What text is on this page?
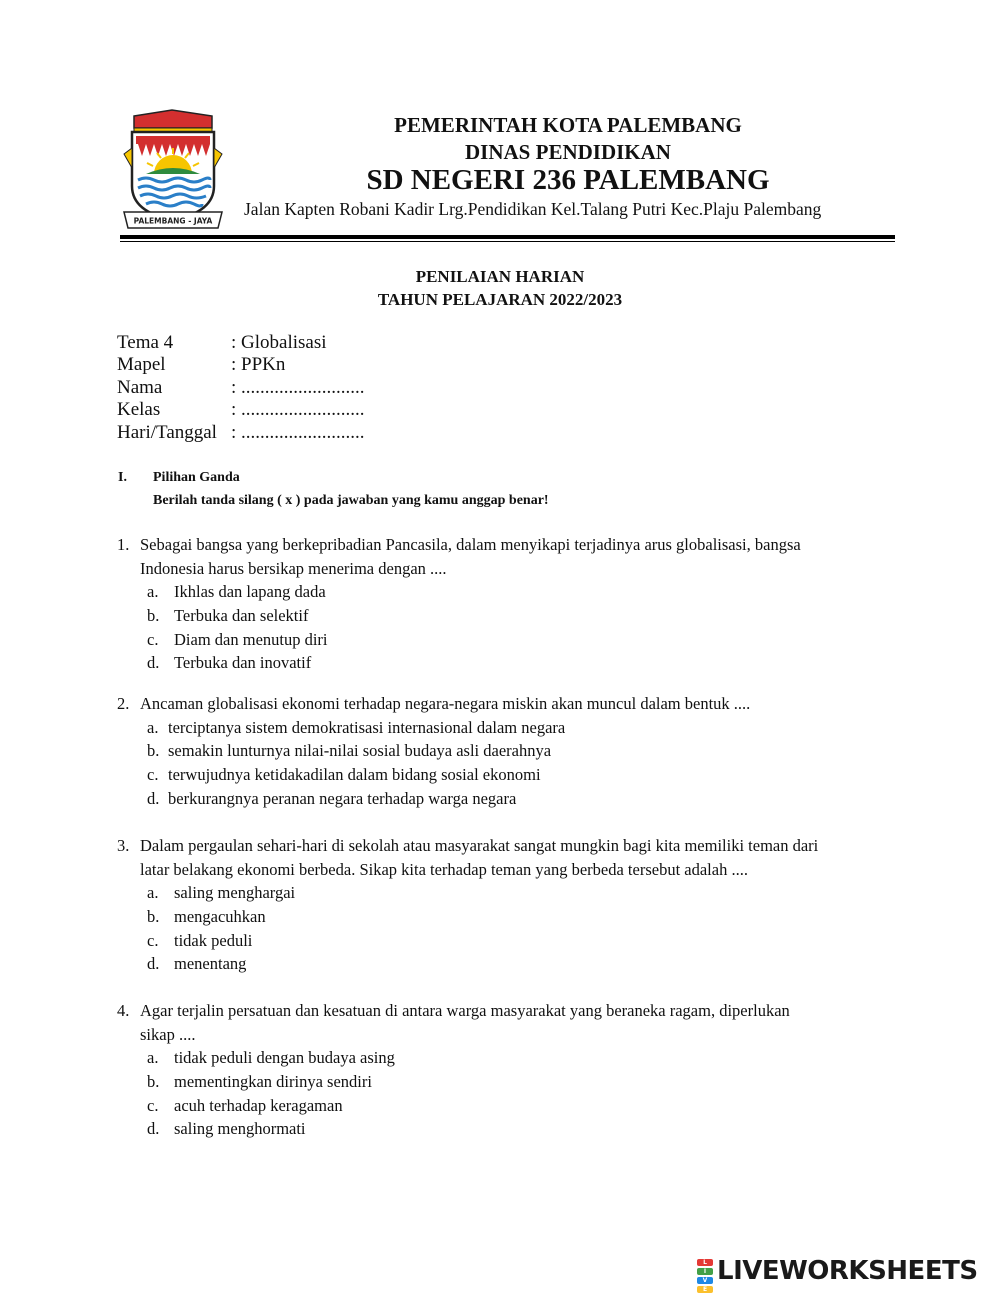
PALEMBANG - JAYA
PEMERINTAH KOTA PALEMBANG
DINAS PENDIDIKAN
SD NEGERI 236 PALEMBANG
Jalan Kapten Robani Kadir Lrg.Pendidikan Kel.Talang Putri Kec.Plaju Palembang
PENILAIAN HARIAN
TAHUN PELAJARAN 2022/2023
Tema 4	: Globalisasi
Mapel	: PPKn
Nama	: ..........................
Kelas	: ..........................
Hari/Tanggal : ..........................
I. Pilihan Ganda
Berilah tanda silang ( x ) pada jawaban yang kamu anggap benar!
1. Sebagai bangsa yang berkepribadian Pancasila, dalam menyikapi terjadinya arus globalisasi, bangsa
Indonesia harus bersikap menerima dengan ....
a. Ikhlas dan lapang dada
b. Terbuka dan selektif
c. Diam dan menutup diri
d. Terbuka dan inovatif
2. Ancaman globalisasi ekonomi terhadap negara-negara miskin akan muncul dalam bentuk ....
a. terciptanya sistem demokratisasi internasional dalam negara
b. semakin lunturnya nilai-nilai sosial budaya asli daerahnya
c. terwujudnya ketidakadilan dalam bidang sosial ekonomi
d. berkurangnya peranan negara terhadap warga negara
3. Dalam pergaulan sehari-hari di sekolah atau masyarakat sangat mungkin bagi kita memiliki teman dari
latar belakang ekonomi berbeda. Sikap kita terhadap teman yang berbeda tersebut adalah ....
a. saling menghargai
b. mengacuhkan
c. tidak peduli
d. menentang
4. Agar terjalin persatuan dan kesatuan di antara warga masyarakat yang beraneka ragam, diperlukan
sikap ....
a. tidak peduli dengan budaya asing
b. mementingkan dirinya sendiri
c. acuh terhadap keragaman
d. saling menghormati
L
I
V
E
LIVEWORKSHEETS
